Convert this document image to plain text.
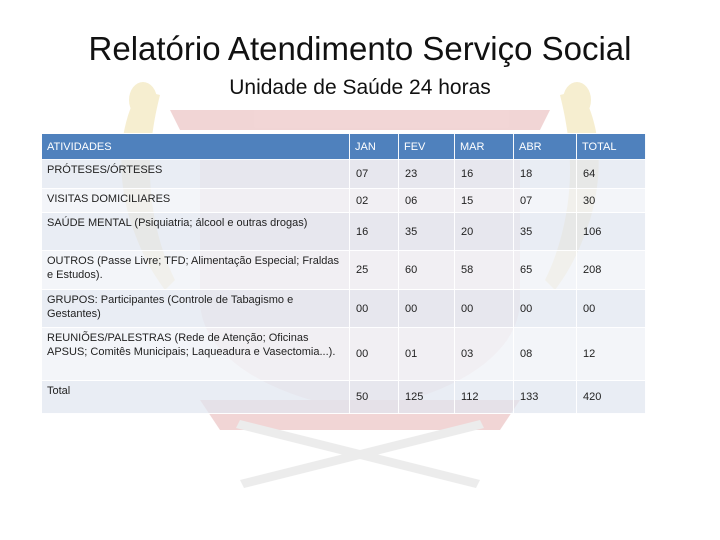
Relatório Atendimento Serviço Social
Unidade de Saúde 24 horas
ATIVIDADES	JAN	FEV	MAR	ABR	TOTAL
PRÓTESES/ÓRTESES	07	23	16	18	64
VISITAS DOMICILIARES	02	06	15	07	30
SAÚDE MENTAL (Psiquiatria; álcool e outras drogas)	16	35	20	35	106
OUTROS (Passe Livre; TFD; Alimentação Especial; Fraldas e Estudos).	25	60	58	65	208
GRUPOS: Participantes (Controle de Tabagismo e Gestantes)	00	00	00	00	00
REUNIÕES/PALESTRAS (Rede de Atenção; Oficinas APSUS; Comitês Municipais; Laqueadura e Vasectomia...).	00	01	03	08	12
Total	50	125	112	133	420
